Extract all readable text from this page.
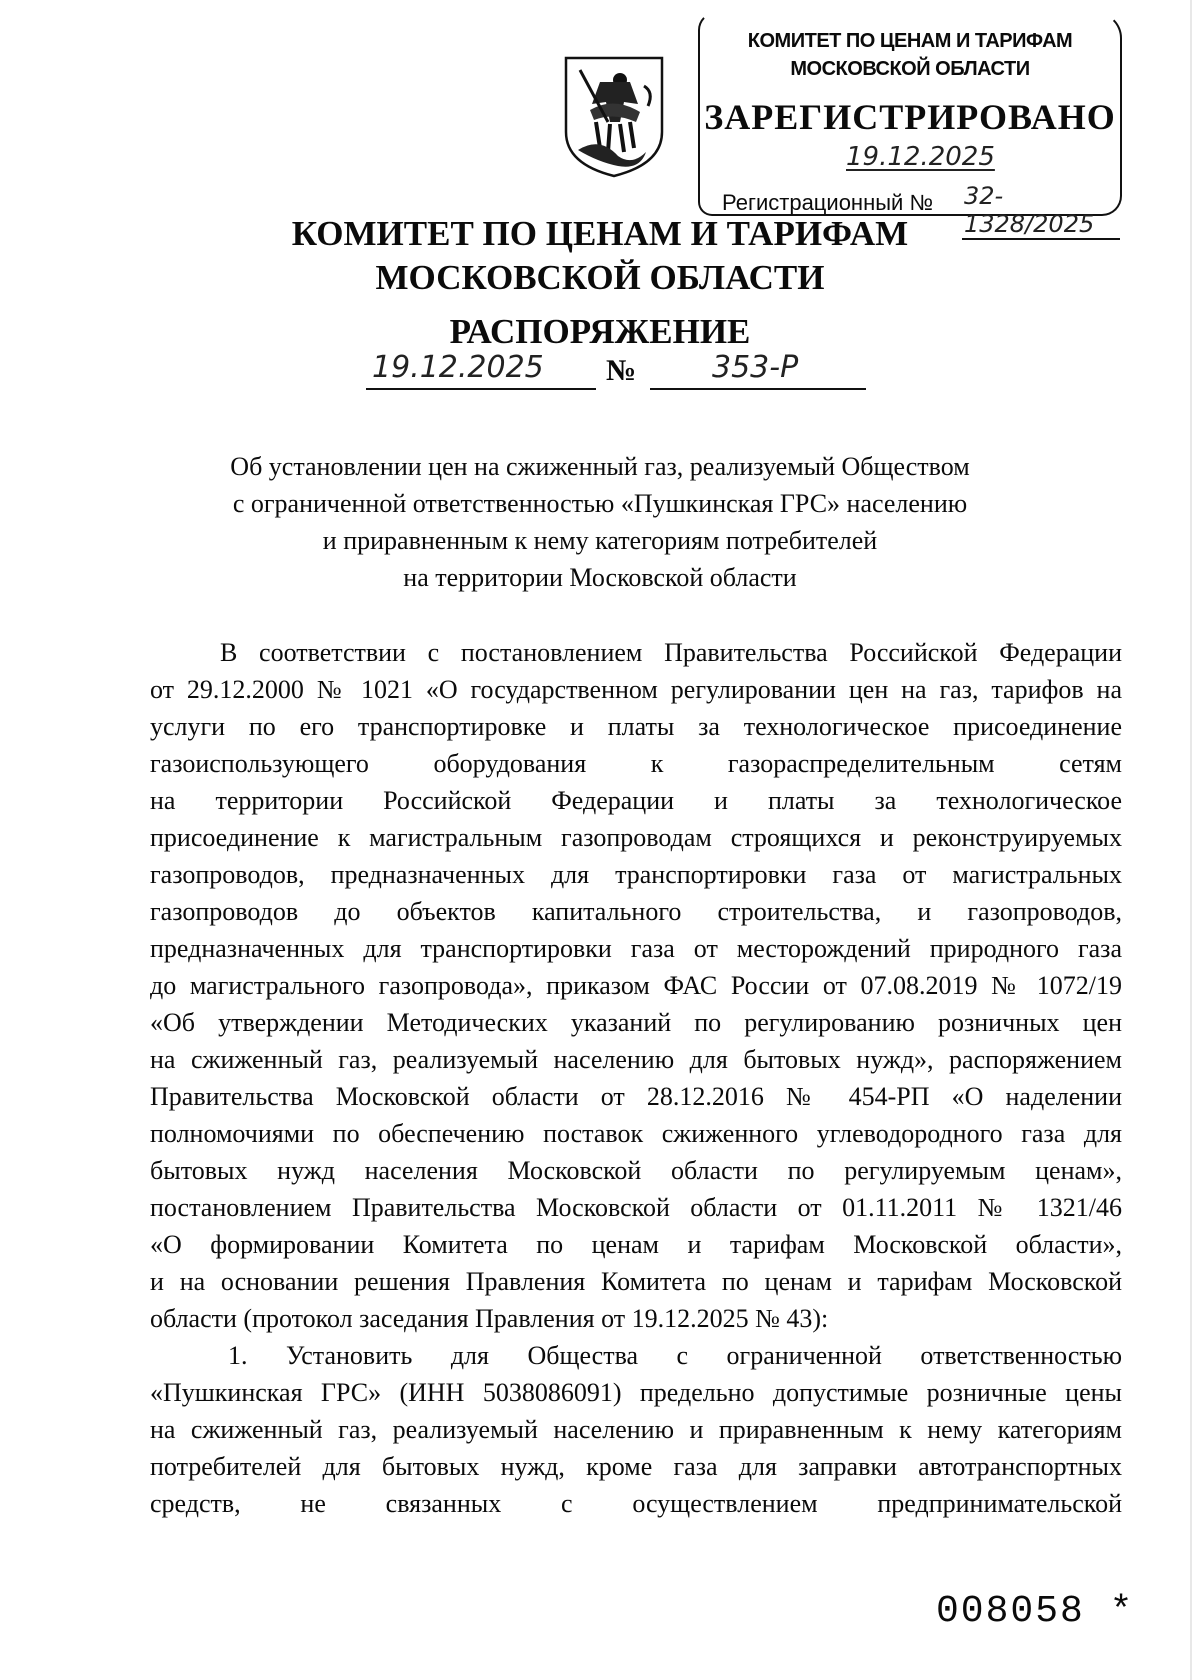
КОМИТЕТ ПО ЦЕНАМ И ТАРИФАМ
МОСКОВСКОЙ ОБЛАСТИ
ЗАРЕГИСТРИРОВАНО
19.12.2025
Регистрационный № 32-1328/2025
КОМИТЕТ ПО ЦЕНАМ И ТАРИФАМ
МОСКОВСКОЙ ОБЛАСТИ
РАСПОРЯЖЕНИЕ
19.12.2025 №	353-Р
Об установлении цен на сжиженный газ, реализуемый Обществом
с ограниченной ответственностью «Пушкинская ГРС» населению
и приравненным к нему категориям потребителей
на территории Московской области
В соответствии с постановлением Правительства Российской Федерации
от 29.12.2000 № 1021 «О государственном регулировании цен на газ, тарифов на
услуги по его транспортировке и платы за технологическое присоединение
газоиспользующего оборудования к газораспределительным сетям
на территории Российской Федерации и платы за технологическое
присоединение к магистральным газопроводам строящихся и реконструируемых
газопроводов, предназначенных для транспортировки газа от магистральных
газопроводов до объектов капитального строительства, и газопроводов,
предназначенных для транспортировки газа от месторождений природного газа
до магистрального газопровода», приказом ФАС России от 07.08.2019 № 1072/19
«Об утверждении Методических указаний по регулированию розничных цен
на сжиженный газ, реализуемый населению для бытовых нужд», распоряжением
Правительства Московской области от 28.12.2016 № 454-РП «О наделении
полномочиями по обеспечению поставок сжиженного углеводородного газа для
бытовых нужд населения Московской области по регулируемым ценам»,
постановлением Правительства Московской области от 01.11.2011 № 1321/46
«О формировании Комитета по ценам и тарифам Московской области»,
и на основании решения Правления Комитета по ценам и тарифам Московской
области (протокол заседания Правления от 19.12.2025 № 43):
1. Установить для Общества с ограниченной ответственностью
«Пушкинская ГРС» (ИНН 5038086091) предельно допустимые розничные цены
на сжиженный газ, реализуемый населению и приравненным к нему категориям
потребителей для бытовых нужд, кроме газа для заправки автотранспортных
средств, не связанных с осуществлением предпринимательской
008058 *
